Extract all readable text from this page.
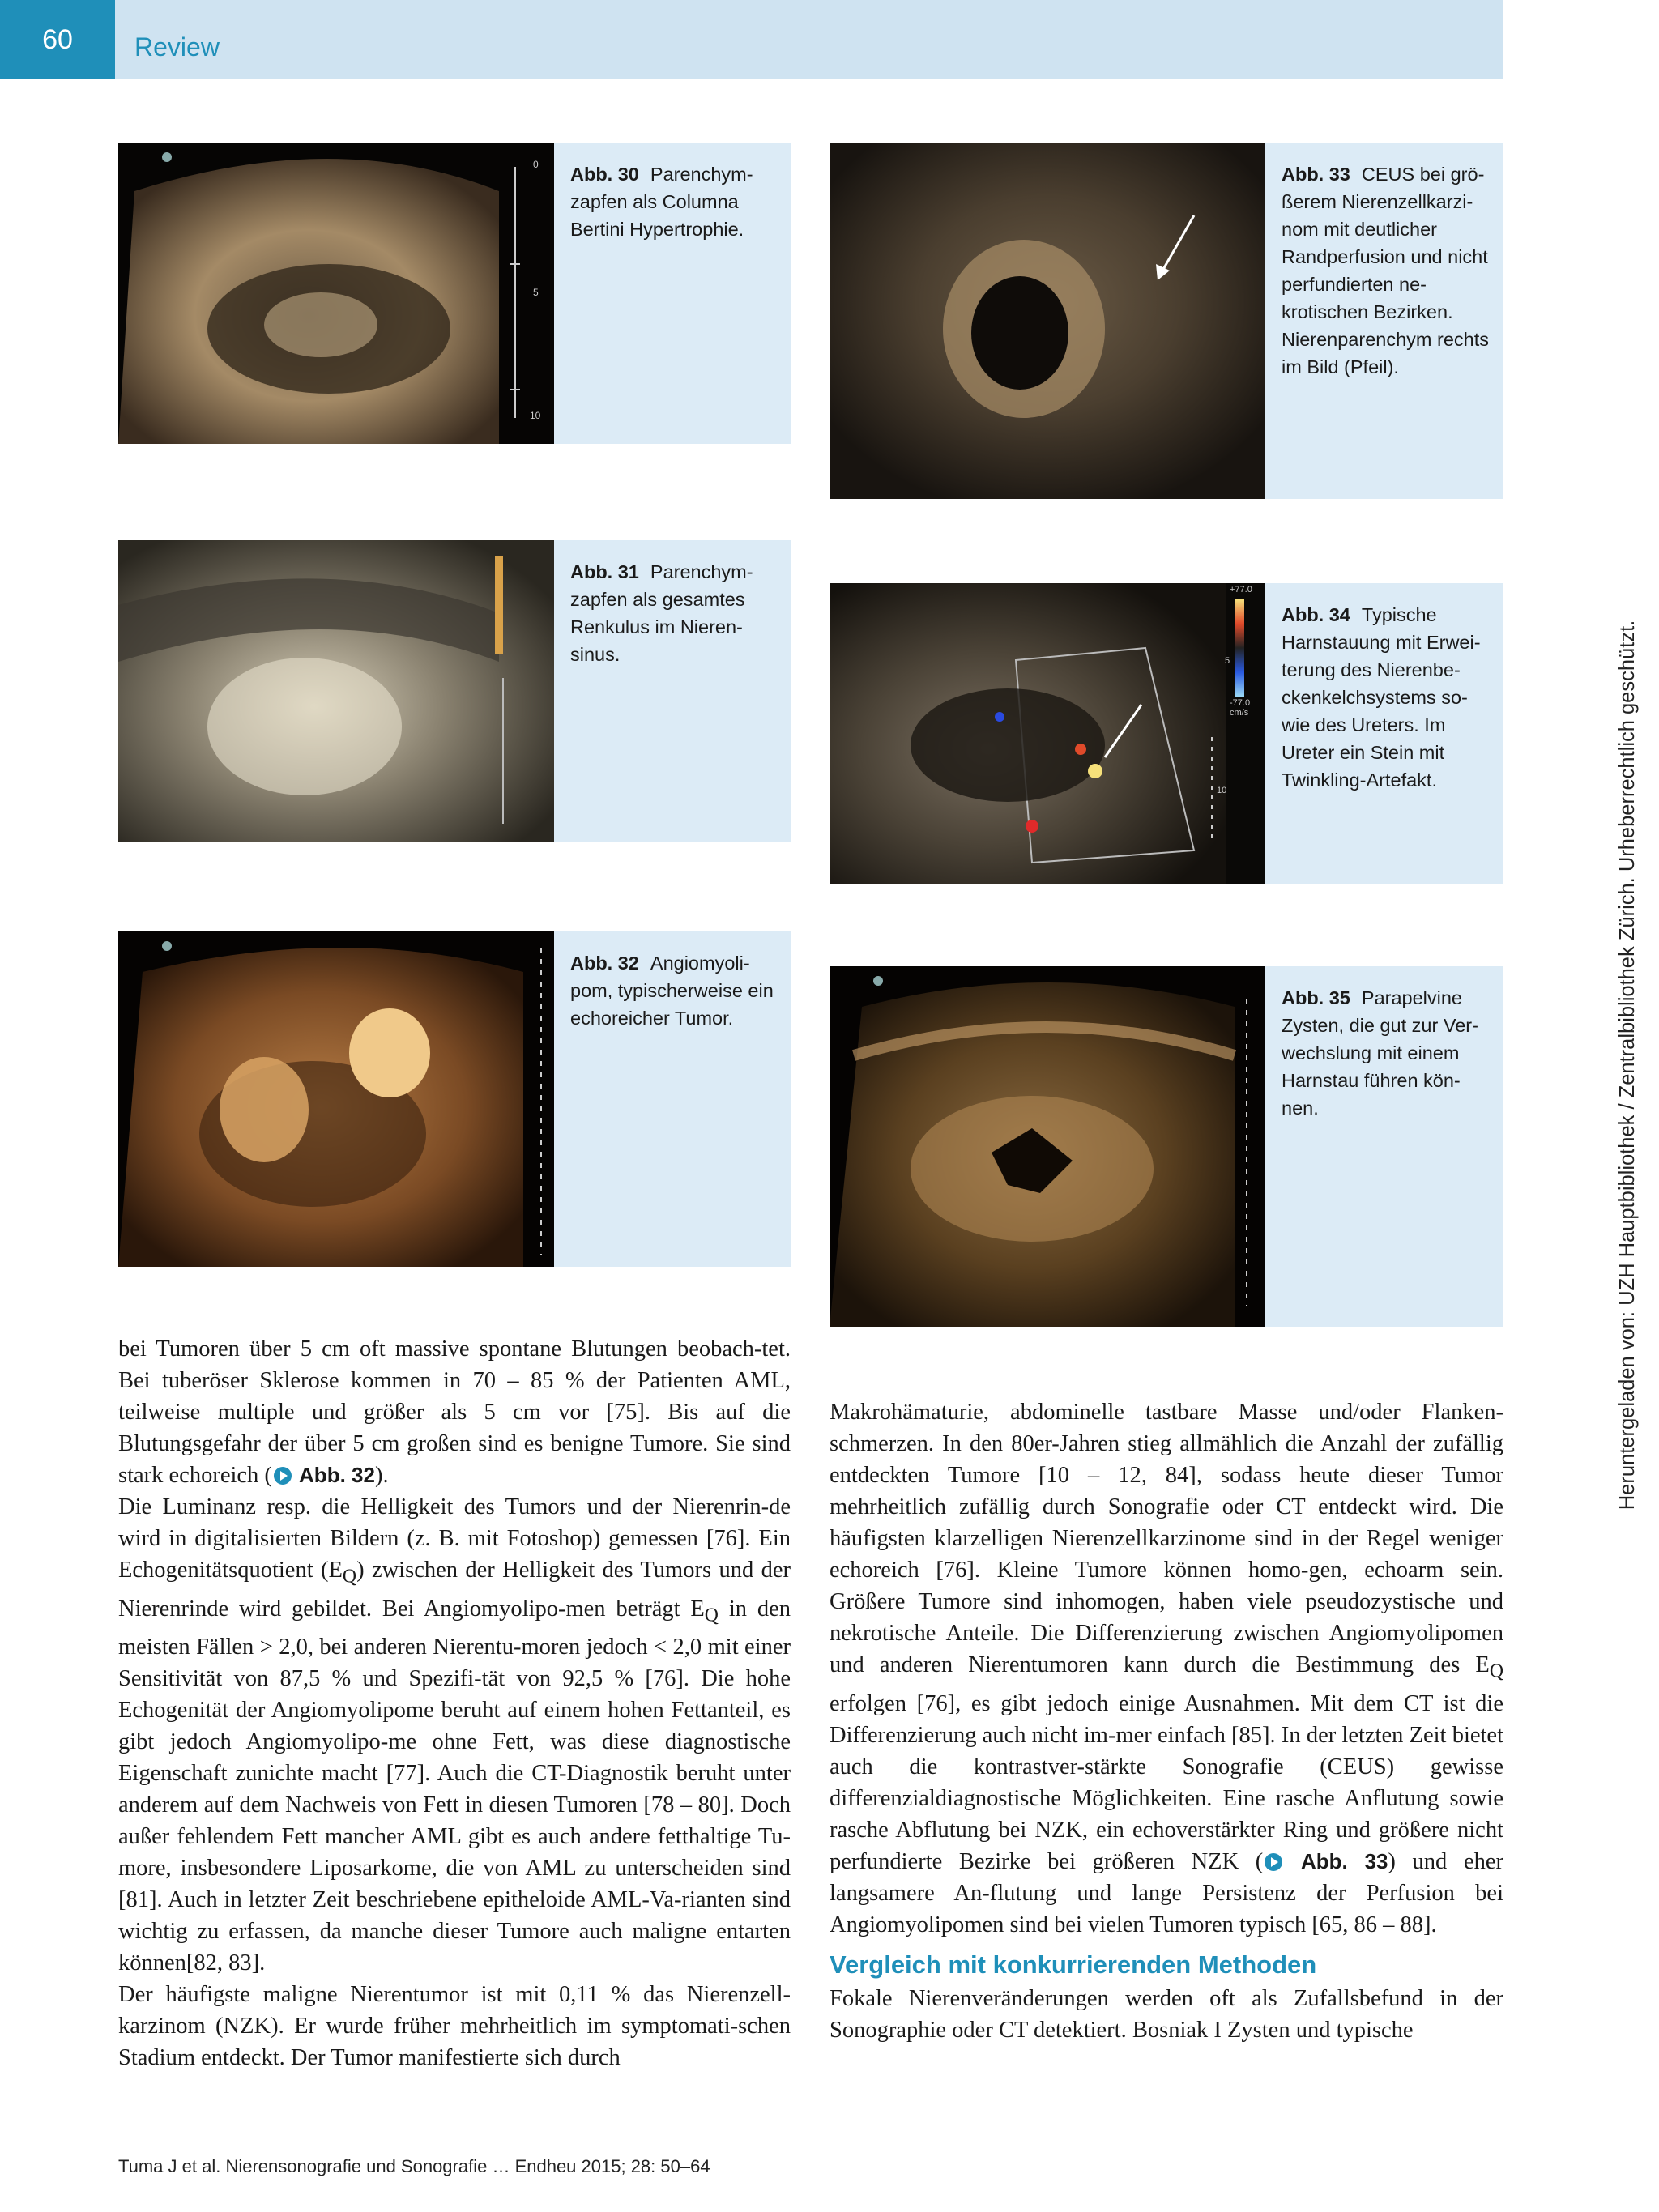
60	Review
0
5
10
Abb. 30 Parenchym-zapfen als Columna Bertini Hypertrophie.
Abb. 31 Parenchym-zapfen als gesamtes Renkulus im Nieren-sinus.
Abb. 32 Angiomyoli-pom, typischerweise ein echoreicher Tumor.
Abb. 33 CEUS bei grö-ßerem Nierenzellkarzi-nom mit deutlicher Randperfusion und nicht perfundierten ne-krotischen Bezirken. Nierenparenchym rechts im Bild (Pfeil).
+77.0
5
-77.0 cm/s
10
Abb. 34 Typische Harnstauung mit Erwei-terung des Nierenbe-ckenkelchsystems so-wie des Ureters. Im Ureter ein Stein mit Twinkling-Artefakt.
Abb. 35 Parapelvine Zysten, die gut zur Ver-wechslung mit einem Harnstau führen kön-nen.

bei Tumoren über 5 cm oft massive spontane Blutungen beobach-tet. Bei tuberöser Sklerose kommen in 70 – 85 % der Patienten AML, teilweise multiple und größer als 5 cm vor [75]. Bis auf die Blutungsgefahr der über 5 cm großen sind es benigne Tumore. Sie sind stark echoreich ( Abb. 32).

Die Luminanz resp. die Helligkeit des Tumors und der Nierenrin-de wird in digitalisierten Bildern (z. B. mit Fotoshop) gemessen [76]. Ein Echogenitätsquotient $(E_Q)$ zwischen der Helligkeit des Tumors und der Nierenrinde wird gebildet. Bei Angiomyolipo-men beträgt $E_Q$ in den meisten Fällen > 2,0, bei anderen Nierentu-moren jedoch < 2,0 mit einer Sensitivität von 87,5 % und Spezifi-tät von 92,5 % [76]. Die hohe Echogenität der Angiomyolipome beruht auf einem hohen Fettanteil, es gibt jedoch Angiomyolipo-me ohne Fett, was diese diagnostische Eigenschaft zunichte macht [77]. Auch die CT-Diagnostik beruht unter anderem auf dem Nachweis von Fett in diesen Tumoren [78 – 80]. Doch außer fehlendem Fett mancher AML gibt es auch andere fetthaltige Tu-more, insbesondere Liposarkome, die von AML zu unterscheiden sind [81]. Auch in letzter Zeit beschriebene epitheloide AML-Va-rianten sind wichtig zu erfassen, da manche dieser Tumore auch maligne entarten können[82, 83].

Der häufigste maligne Nierentumor ist mit 0,11 % das Nierenzell-karzinom (NZK). Er wurde früher mehrheitlich im symptomati-schen Stadium entdeckt. Der Tumor manifestierte sich durch

Makrohämaturie, abdominelle tastbare Masse und/oder Flanken-schmerzen. In den 80er-Jahren stieg allmählich die Anzahl der zufällig entdeckten Tumore [10 – 12, 84], sodass heute dieser Tumor mehrheitlich zufällig durch Sonografie oder CT entdeckt wird. Die häufigsten klarzelligen Nierenzellkarzinome sind in der Regel weniger echoreich [76]. Kleine Tumore können homo-gen, echoarm sein. Größere Tumore sind inhomogen, haben viele pseudozystische und nekrotische Anteile. Die Differenzierung zwischen Angiomyolipomen und anderen Nierentumoren kann durch die Bestimmung des $E_Q$ erfolgen [76], es gibt jedoch einige Ausnahmen. Mit dem CT ist die Differenzierung auch nicht im-mer einfach [85]. In der letzten Zeit bietet auch die kontrastver-stärkte Sonografie (CEUS) gewisse differenzialdiagnostische Möglichkeiten. Eine rasche Anflutung sowie rasche Abflutung bei NZK, ein echoverstärkter Ring und größere nicht perfundierte Bezirke bei größeren NZK ( Abb. 33) und eher langsamere An-flutung und lange Persistenz der Perfusion bei Angiomyolipomen sind bei vielen Tumoren typisch [65, 86 – 88].

Vergleich mit konkurrierenden Methoden

Fokale Nierenveränderungen werden oft als Zufallsbefund in der Sonographie oder CT detektiert. Bosniak I Zysten und typische

Tuma J et al. Nierensonografie und Sonografie … Endheu 2015; 28: 50–64
Heruntergeladen von: UZH Hauptbibliothek / Zentralbibliothek Zürich. Urheberrechtlich geschützt.
